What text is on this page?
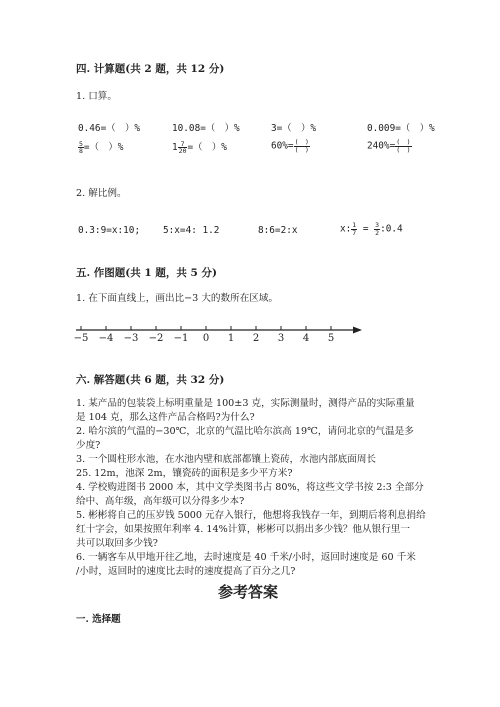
四. 计算题(共 2 题，共 12 分)
1. 口算。
0.46=（　）%	10.08=（　）%	3=（　）%	0.009=（　）%
$\frac{5}{8}$ =（　）%	$1 \frac{7}{20}$ =（　）%	$60\%= \frac{( )}{( )}$	$240\%= \frac{( )}{( )}$
2. 解比例。
0.3:9=x:10; 5:x=4: 1.2	8:6=2:x	x: $\frac{1}{7} = \frac{3}{2}$ :0.4
五. 作图题(共 1 题，共 5 分)
1. 在下面直线上，画出比−3 大的数所在区域。
−5 −4 −3 −2 −1 0 1 2 3 4 5
六. 解答题(共 6 题，共 32 分)
1. 某产品的包装袋上标明重量是 100±3 克，实际测量时，测得产品的实际重量
是 104 克，那么这件产品合格吗?为什么?
2. 哈尔滨的气温的−30℃，北京的气温比哈尔滨高 19℃，请问北京的气温是多
少度?
3. 一个圆柱形水池，在水池内壁和底部都镶上瓷砖，水池内部底面周长
25. 12m，池深 2m，镶瓷砖的面积是多少平方米?
4. 学校购进图书 2000 本，其中文学类图书占 80%，将这些文学书按 2:3 全部分
给中、高年级，高年级可以分得多少本?
5. 彬彬将自己的压岁钱 5000 元存入银行，他想将我钱存一年，到期后将利息捐给
红十字会，如果按照年利率 4. 14%计算，彬彬可以捐出多少钱？他从银行里一
共可以取回多少钱?
6. 一辆客车从甲地开往乙地，去时速度是 40 千米/小时，返回时速度是 60 千米
/小时，返回时的速度比去时的速度提高了百分之几?
参考答案
一. 选择题
